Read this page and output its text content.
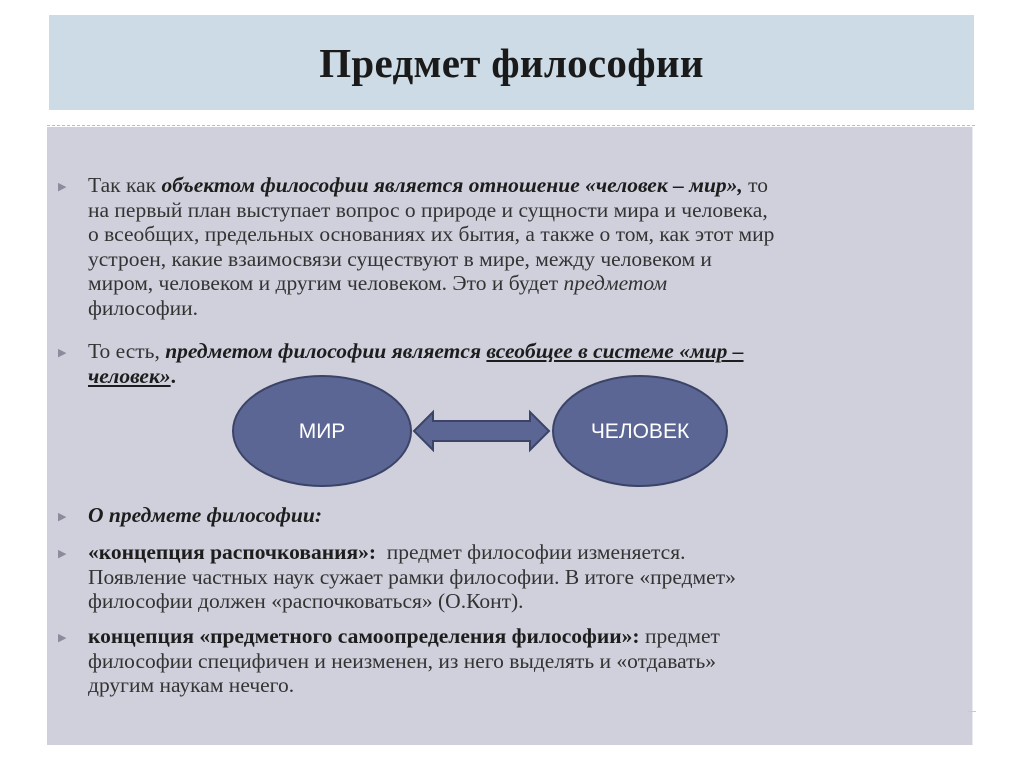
Предмет философии
▶ Так как объектом философии является отношение «человек – мир», то
на первый план выступает вопрос о природе и сущности мира и человека,
о всеобщих, предельных основаниях их бытия, а также о том, как этот мир
устроен, какие взаимосвязи существуют в мире, между человеком и
миром, человеком и другим человеком. Это и будет предметом
философии.
▶ То есть, предметом философии является всеобщее в системе «мир –
человек».
МИР	ЧЕЛОВЕК
▶ О предмете философии:
▶ «концепция распочкования»:  предмет философии изменяется.
Появление частных наук сужает рамки философии. В итоге «предмет»
философии должен «распочковаться» (О.Конт).
▶ концепция «предметного самоопределения философии»: предмет
философии специфичен и неизменен, из него выделять и «отдавать»
другим наукам нечего.
